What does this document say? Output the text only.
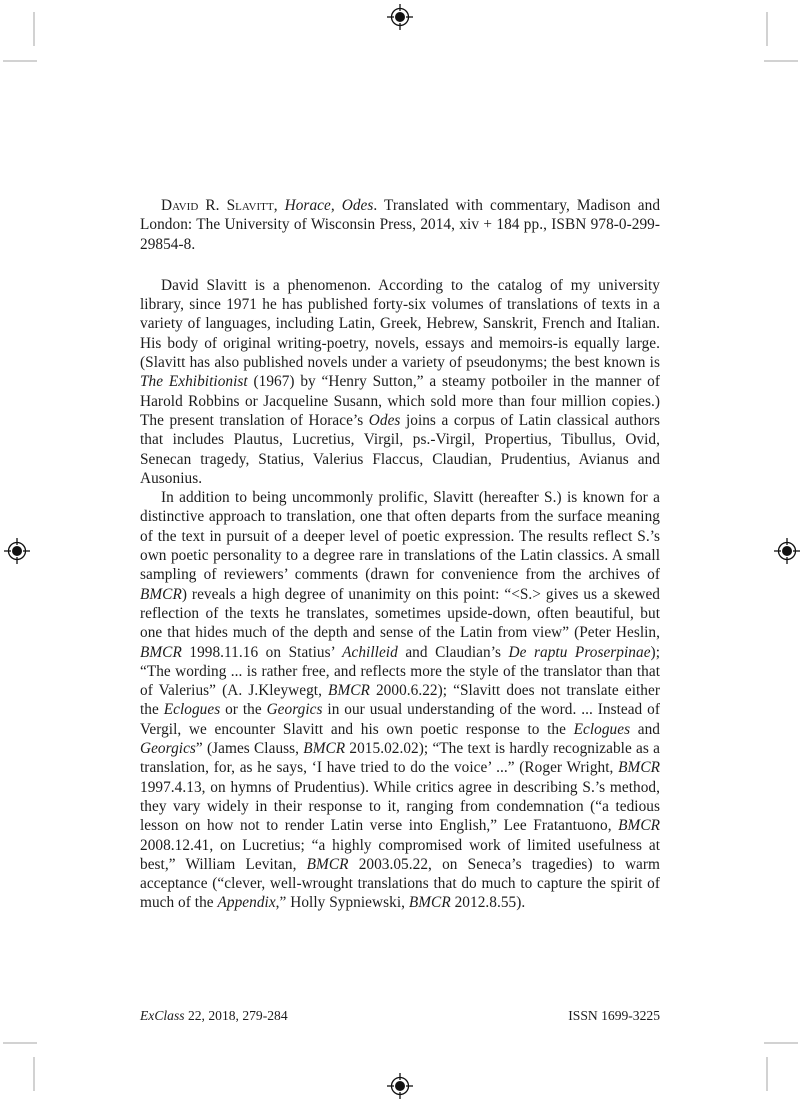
David R. Slavitt, Horace, Odes. Translated with commentary, Madison and London: The University of Wisconsin Press, 2014, xiv + 184 pp., ISBN 978-0-299-29854-8.

David Slavitt is a phenomenon. According to the catalog of my university library, since 1971 he has published forty-six volumes of translations of texts in a variety of languages, including Latin, Greek, Hebrew, Sanskrit, French and Italian. His body of original writing-poetry, novels, essays and memoirs-is equally large. (Slavitt has also published novels under a variety of pseudonyms; the best known is The Exhibitionist (1967) by “Henry Sutton,” a steamy potboiler in the manner of Harold Robbins or Jacqueline Susann, which sold more than four million copies.) The present translation of Horace’s Odes joins a corpus of Latin classical authors that includes Plautus, Lucretius, Virgil, ps.-Virgil, Propertius, Tibullus, Ovid, Senecan tragedy, Statius, Valerius Flaccus, Claudian, Prudentius, Avianus and Ausonius.

In addition to being uncommonly prolific, Slavitt (hereafter S.) is known for a distinctive approach to translation, one that often departs from the surface meaning of the text in pursuit of a deeper level of poetic expression. The results reflect S.’s own poetic personality to a degree rare in translations of the Latin classics. A small sampling of reviewers’ comments (drawn for convenience from the archives of BMCR) reveals a high degree of unanimity on this point: “<S.> gives us a skewed reflection of the texts he translates, sometimes upside-down, often beautiful, but one that hides much of the depth and sense of the Latin from view” (Peter Heslin, BMCR 1998.11.16 on Statius’ Achilleid and Claudian’s De raptu Proserpinae); “The wording ... is rather free, and reflects more the style of the translator than that of Valerius” (A. J.Kleywegt, BMCR 2000.6.22); “Slavitt does not translate either the Eclogues or the Georgics in our usual understanding of the word. ... Instead of Vergil, we encounter Slavitt and his own poetic response to the Eclogues and Georgics” (James Clauss, BMCR 2015.02.02); “The text is hardly recognizable as a translation, for, as he says, ‘I have tried to do the voice’ ...” (Roger Wright, BMCR 1997.4.13, on hymns of Prudentius). While critics agree in describing S.’s method, they vary widely in their response to it, ranging from condemnation (“a tedious lesson on how not to render Latin verse into English,” Lee Fratantuono, BMCR 2008.12.41, on Lucretius; “a highly compromised work of limited usefulness at best,” William Levitan, BMCR 2003.05.22, on Seneca’s tragedies) to warm acceptance (“clever, well-wrought translations that do much to capture the spirit of much of the Appendix,” Holly Sypniewski, BMCR 2012.8.55).

ExClass 22, 2018, 279-284	ISSN 1699-3225
